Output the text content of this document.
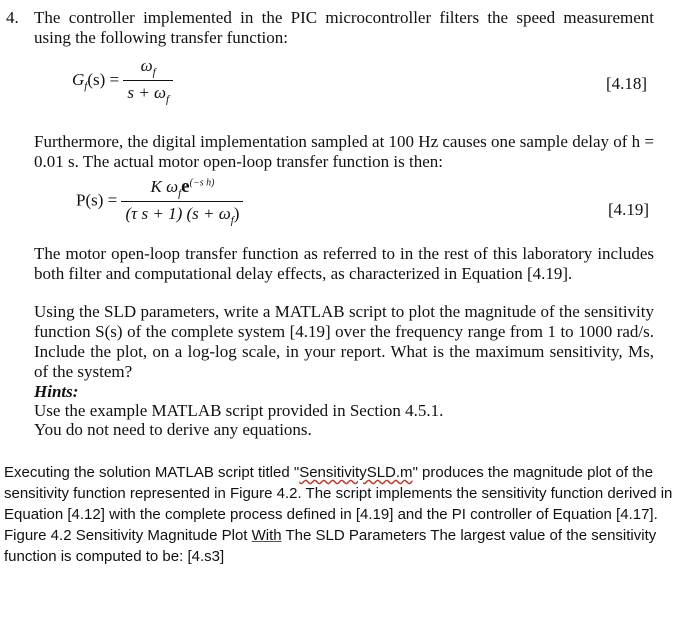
4. The controller implemented in the PIC microcontroller filters the speed measurement using the following transfer function:
$G_f(s) = \frac{\omega_f}{s + \omega_f}$	[4.18]
Furthermore, the digital implementation sampled at 100 Hz causes one sample delay of h = 0.01 s. The actual motor open-loop transfer function is then:
$P(s) = \frac{K \omega_fe^{(-s h)}}{(\tau s + 1) (s + \omega_f)}$	[4.19]
The motor open-loop transfer function as referred to in the rest of this laboratory includes both filter and computational delay effects, as characterized in Equation [4.19].
Using the SLD parameters, write a MATLAB script to plot the magnitude of the sensitivity function S(s) of the complete system [4.19] over the frequency range from 1 to 1000 rad/s. Include the plot, on a log-log scale, in your report. What is the maximum sensitivity, Ms, of the system?
Hints:
Use the example MATLAB script provided in Section 4.5.1.
You do not need to derive any equations.
Executing the solution MATLAB script titled "SensitivitySLD.m" produces the magnitude plot of the sensitivity function represented in Figure 4.2. The script implements the sensitivity function derived in Equation [4.12] with the complete process defined in [4.19] and the PI controller of Equation [4.17]. Figure 4.2 Sensitivity Magnitude Plot With The SLD Parameters The largest value of the sensitivity function is computed to be: [4.s3]
